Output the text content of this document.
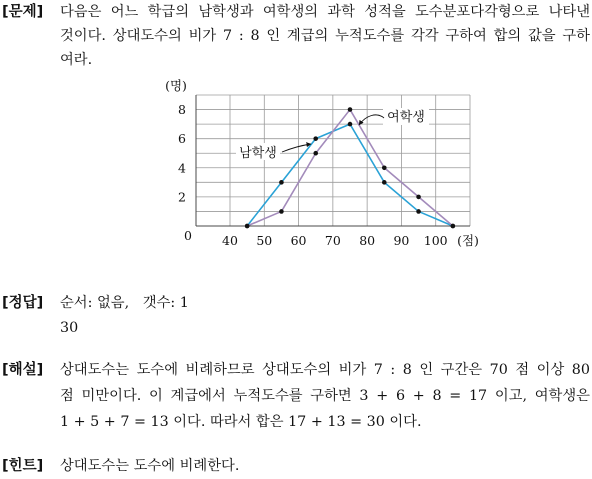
[문제]	다음은 어느 학급의 남학생과 여학생의 과학 성적을 도수분포다각형으로 나타낸
것이다. 상대도수의 비가 7 : 8 인 계급의 누적도수를 각각 구하여 합의 값을 구하
여라.
8
6
4
2
40 50 60 70 80 90 100
0	(점)
(명)
남학생
여학생
[정답]	순서: 없음,   갯수: 1
30
[해설]	상대도수는 도수에 비례하므로 상대도수의 비가 7 : 8 인 구간은 70 점 이상 80
점 미만이다. 이 계급에서 누적도수를 구하면 3 + 6 + 8 = 17 이고, 여학생은
1 + 5 + 7 = 13 이다. 따라서 합은 17 + 13 = 30 이다.
[힌트]	상대도수는 도수에 비례한다.
